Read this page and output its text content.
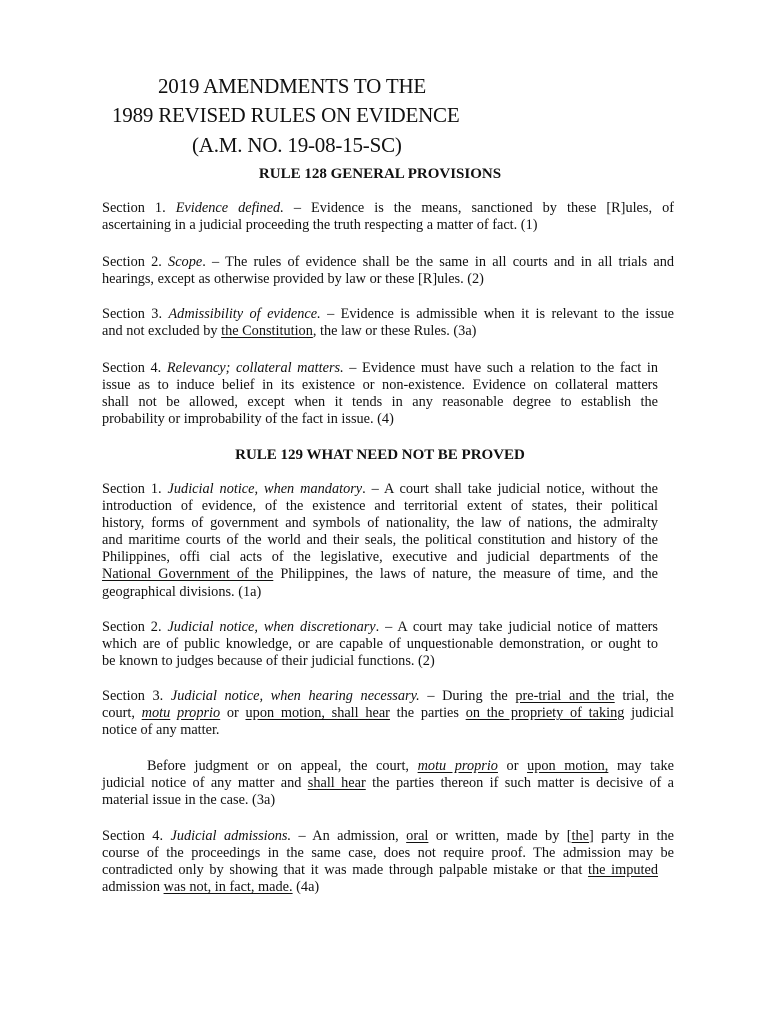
2019 AMENDMENTS TO THE
1989 REVISED RULES ON EVIDENCE
(A.M. NO. 19-08-15-SC)
RULE 128 GENERAL PROVISIONS
Section 1. Evidence defined. – Evidence is the means, sanctioned by these [R]ules, of
ascertaining in a judicial proceeding the truth respecting a matter of fact. (1)
Section 2. Scope. – The rules of evidence shall be the same in all courts and in all trials and
hearings, except as otherwise provided by law or these [R]ules. (2)
Section 3. Admissibility of evidence. – Evidence is admissible when it is relevant to the issue
and not excluded by the Constitution, the law or these Rules. (3a)
Section 4. Relevancy; collateral matters. – Evidence must have such a relation to the fact in
issue as to induce belief in its existence or non-existence. Evidence on collateral matters
shall not be allowed, except when it tends in any reasonable degree to establish the
probability or improbability of the fact in issue. (4)
RULE 129 WHAT NEED NOT BE PROVED
Section 1. Judicial notice, when mandatory. – A court shall take judicial notice, without the
introduction of evidence, of the existence and territorial extent of states, their political
history, forms of government and symbols of nationality, the law of nations, the admiralty
and maritime courts of the world and their seals, the political constitution and history of the
Philippines, offi cial acts of the legislative, executive and judicial departments of the
National Government of the Philippines, the laws of nature, the measure of time, and the
geographical divisions. (1a)
Section 2. Judicial notice, when discretionary. – A court may take judicial notice of matters
which are of public knowledge, or are capable of unquestionable demonstration, or ought to
be known to judges because of their judicial functions. (2)
Section 3. Judicial notice, when hearing necessary. – During the pre-trial and the trial, the
court, motu proprio or upon motion, shall hear the parties on the propriety of taking judicial
notice of any matter.
Before judgment or on appeal, the court, motu proprio or upon motion, may take
judicial notice of any matter and shall hear the parties thereon if such matter is decisive of a
material issue in the case. (3a)
Section 4. Judicial admissions. – An admission, oral or written, made by [the] party in the
course of the proceedings in the same case, does not require proof. The admission may be
contradicted only by showing that it was made through palpable mistake or that the imputed
admission was not, in fact, made. (4a)
